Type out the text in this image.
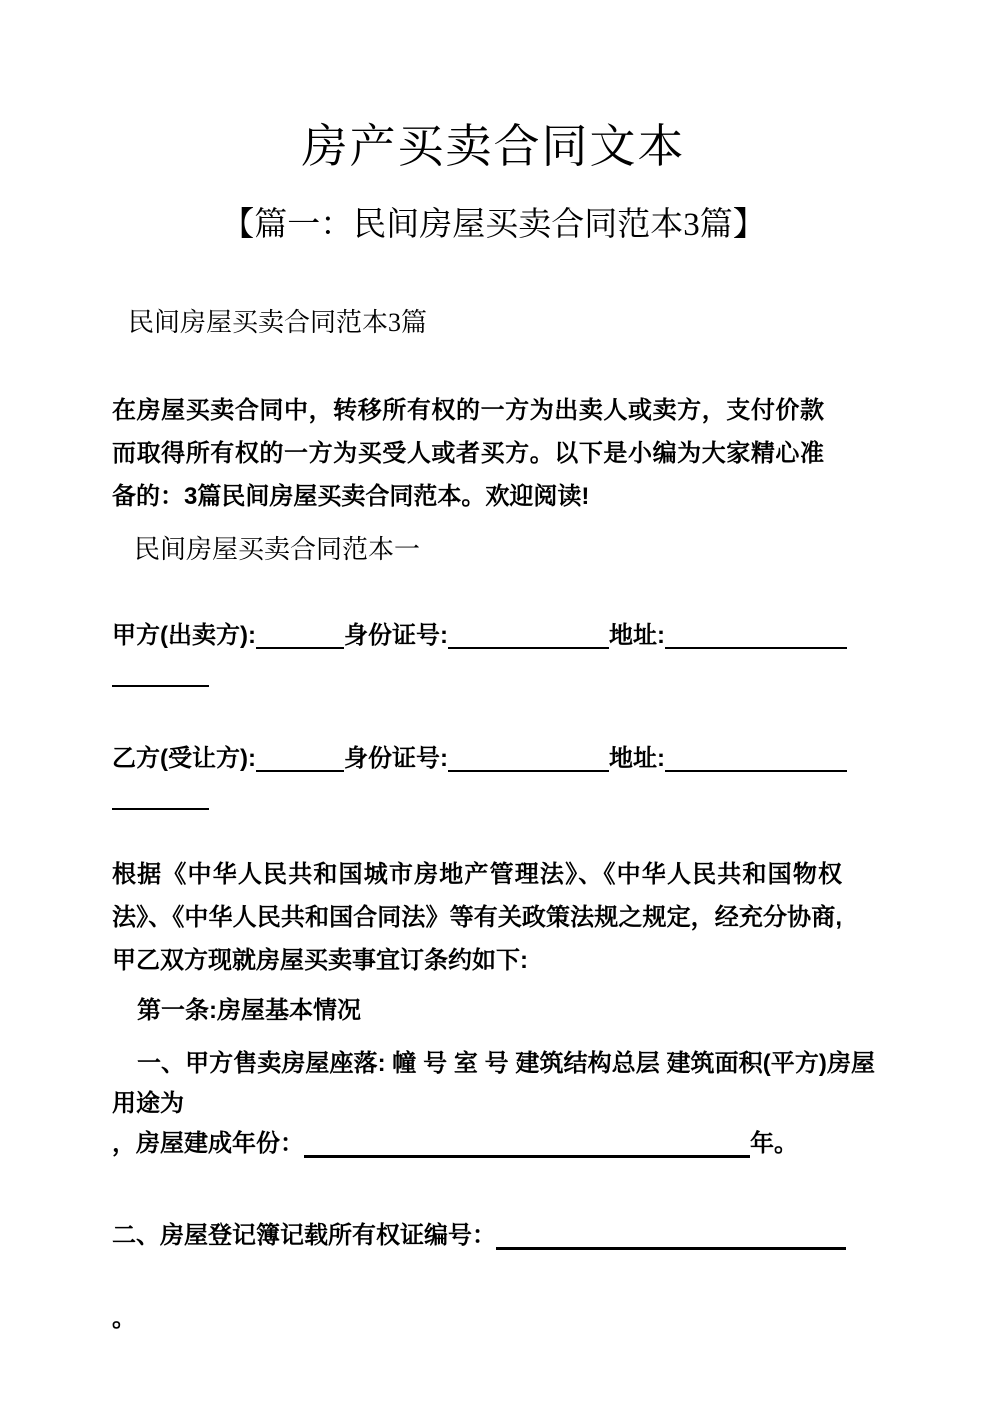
房产买卖合同文本
【篇一：民间房屋买卖合同范本3篇】

民间房屋买卖合同范本3篇

在房屋买卖合同中，转移所有权的一方为出卖人或卖方，支付价款而取得所有权的一方为买受人或者买方。以下是小编为大家精心准备的：3篇民间房屋买卖合同范本。欢迎阅读!

民间房屋买卖合同范本一

甲方(出卖方):	身份证号:	地址:
乙方(受让方):	身份证号:	地址:

根据《中华人民共和国城市房地产管理法》、《中华人民共和国物权法》、《中华人民共和国合同法》等有关政策法规之规定，经充分协商,甲乙双方现就房屋买卖事宜订条约如下:

第一条:房屋基本情况

一、甲方售卖房屋座落: 幢 号 室 号 建筑结构总层 建筑面积(平方)房屋用途为

，房屋建成年份：	年。
二、房屋登记簿记载所有权证编号：

。
